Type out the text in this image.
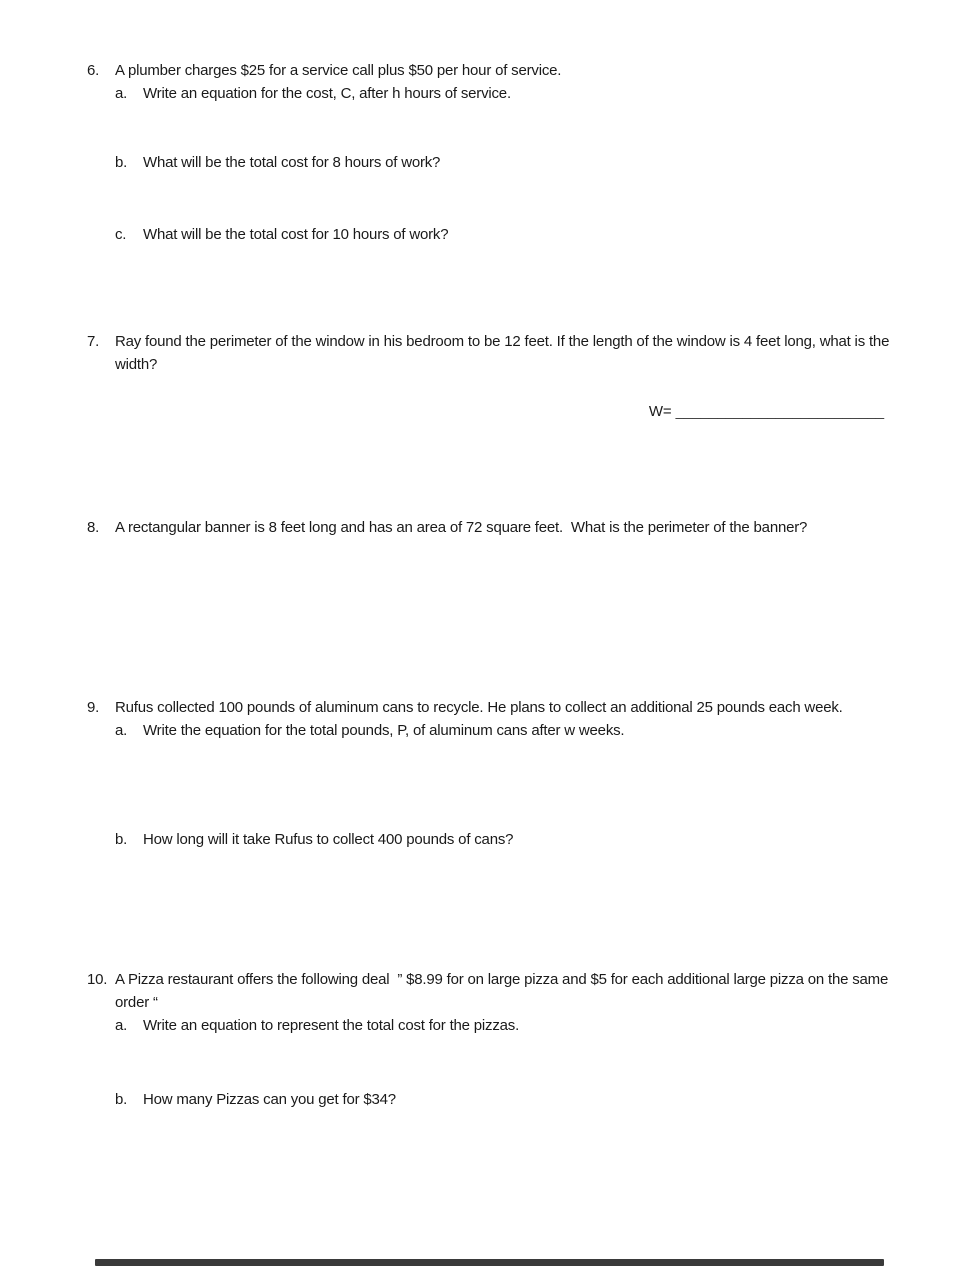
6.	A plumber charges $25 for a service call plus $50 per hour of service.
a.	Write an equation for the cost, C, after h hours of service.
b.	What will be the total cost for 8 hours of work?
c.	What will be the total cost for 10 hours of work?
7.	Ray found the perimeter of the window in his bedroom to be 12 feet. If the length of the window is 4 feet long, what is the width?

W= _________________________

8.	A rectangular banner is 8 feet long and has an area of 72 square feet.  What is the perimeter of the banner?
9.	Rufus collected 100 pounds of aluminum cans to recycle. He plans to collect an additional 25 pounds each week.
a.	Write the equation for the total pounds, P, of aluminum cans after w weeks.
b.	How long will it take Rufus to collect 400 pounds of cans?
10. A Pizza restaurant offers the following deal  ” $8.99 for on large pizza and $5 for each additional large pizza on the same order “
a.	Write an equation to represent the total cost for the pizzas.
b.	How many Pizzas can you get for $34?
